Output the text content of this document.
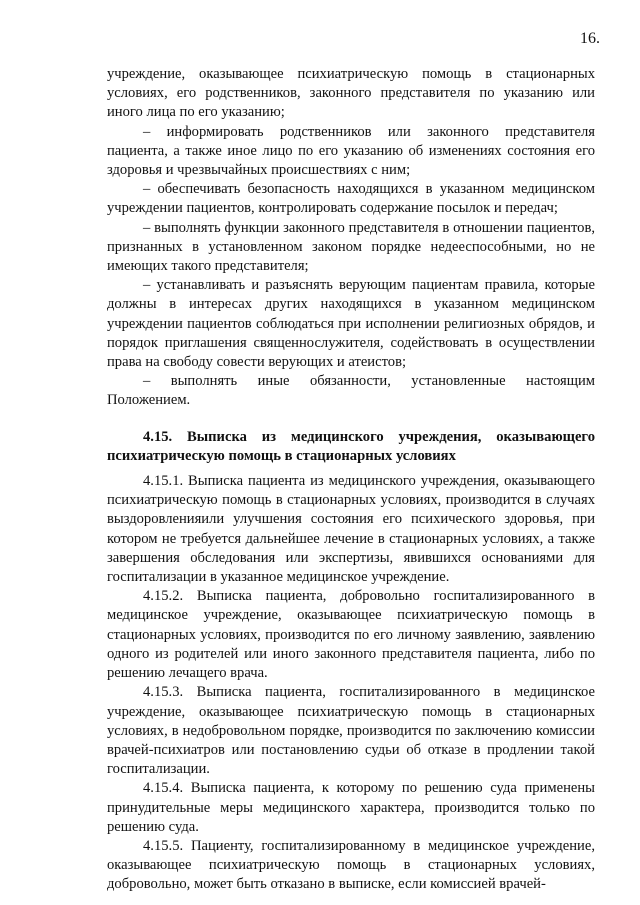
16.

учреждение, оказывающее психиатрическую помощь в стационарных условиях, его родственников, законного представителя по указанию или иного лица по его указанию;

– информировать родственников или законного представителя пациента, а также иное лицо по его указанию об изменениях состояния его здоровья и чрезвычайных происшествиях с ним;

– обеспечивать безопасность находящихся в указанном медицинском учреждении пациентов, контролировать содержание посылок и передач;

– выполнять функции законного представителя в отношении пациентов, признанных в установленном законом порядке недееспособными, но не имеющих такого представителя;

– устанавливать и разъяснять верующим пациентам правила, которые должны в интересах других находящихся в указанном медицинском учреждении пациентов соблюдаться при исполнении религиозных обрядов, и порядок приглашения священнослужителя, содействовать в осуществлении права на свободу совести верующих и атеистов;

– выполнять иные обязанности, установленные настоящим Положением.

4.15. Выписка из медицинского учреждения, оказывающего психиатрическую помощь в стационарных условиях

4.15.1. Выписка пациента из медицинского учреждения, оказывающего психиатрическую помощь в стационарных условиях, производится в случаях выздоровленияили улучшения состояния его психического здоровья, при котором не требуется дальнейшее лечение в стационарных условиях, а также завершения обследования или экспертизы, явившихся основаниями для госпитализации в указанное медицинское учреждение.

4.15.2. Выписка пациента, добровольно госпитализированного в медицинское учреждение, оказывающее психиатрическую помощь в стационарных условиях, производится по его личному заявлению, заявлению одного из родителей или иного законного представителя пациента, либо по решению лечащего врача.

4.15.3. Выписка пациента, госпитализированного в медицинское учреждение, оказывающее психиатрическую помощь в стационарных условиях, в недобровольном порядке, производится по заключению комиссии врачей-психиатров или постановлению судьи об отказе в продлении такой госпитализации.

4.15.4. Выписка пациента, к которому по решению суда применены принудительные меры медицинского характера, производится только по решению суда.

4.15.5. Пациенту, госпитализированному в медицинское учреждение, оказывающее психиатрическую помощь в стационарных условиях, добровольно, может быть отказано в выписке, если комиссией врачей-
